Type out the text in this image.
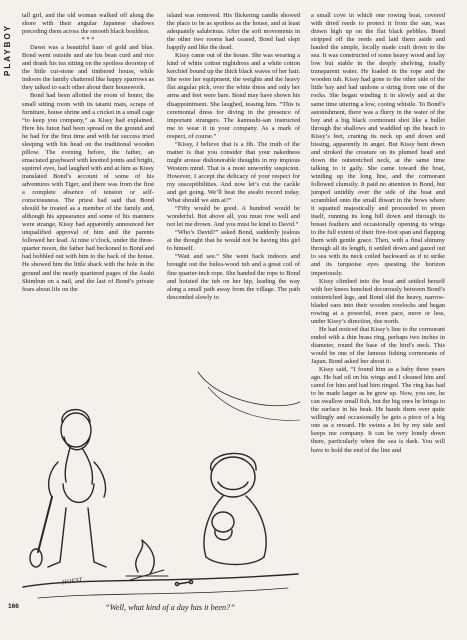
PLAYBOY

tall girl, and the old woman walked off along the shore with their angular Japanese shadows preceding them across the smooth black boulders.

* * *

Dawn was a beautiful haze of gold and blue. Bond went outside and ate his bean curd and rice and drank his tea sitting on the spotless doorstep of the little cut-stone and timbered house, while indoors the family chattered like happy sparrows as they talked to each other about their housework.

Bond had been allotted the room of honor, the small sitting room with its tatami mats, scraps of furniture, house shrine and a cricket in a small cage “to keep you company,” as Kissy had explained. Here his futon had been spread on the ground and he had for the first time and with far success tried sleeping with his head on the traditional wooden pillow. The evening before, the father, an emaciated graybeard with knotted joints and bright, squirrel eyes, had laughed with and at him as Kissy translated Bond’s account of some of his adventures with Tiger, and there was from the first a complete absence of tension or self-consciousness. The priest had said that Bond should be treated as a member of the family and, although his appearance and some of his manners were strange, Kissy had apparently announced her unqualified approval of him and the parents followed her lead. At nine o’clock, under the three-quarter moon, the father had beckoned to Bond and had hobbled out with him to the back of the house. He showed him the little shack with the hole in the ground and the neatly quartered pages of the Asahi Shimbun on a nail, and the last of Bond’s private fears about life on the

island was removed. His flickering candle showed the place to be as spotless as the house, and at least adequately salubrious. After the soft movements in the other two rooms had ceased, Bond had slept happily and like the dead.

Kissy came out of the house. She was wearing a kind of white cotton nightdress and a white cotton kerchief bound up the thick black waves of her hair. She wore her equipment, the weights and the heavy flat angular pick, over the white dress and only her arms and feet were bare. Bond may have shown his disappointment. She laughed, teasing him. “This is ceremonial dress for diving in the presence of important strangers. The kannushi-san instructed me to wear it in your company. As a mark of respect, of course.”

“Kissy, I believe that is a fib. The truth of the matter is that you consider that your nakedness might arouse dishonorable thoughts in my impious Western mind. That is a most unworthy suspicion. However, I accept the delicacy of your respect for my susceptibilities. And now let’s cut the cackle and get going. We’ll beat the awabi record today. What should we aim at?”

“Fifty would be good. A hundred would be wonderful. But above all, you must row well and not let me drown. And you must be kind to David.”

“Who’s David?” asked Bond, suddenly jealous at the thought that he would not be having this girl to himself.

“Wait and see.” She went back indoors and brought out the bulea-wood tub and a great coil of fine quarter-inch rope. She handed the rope to Bond and hoisted the tub on her hip, leading the way along a small path away from the village. The path descended slowly to

a small cove in which one rowing boat, covered with dried reeds to protect it from the sun, was drawn high up on the flat black pebbles. Bond stripped off the reeds and laid them aside and hauled the simple, locally made craft down to the sea. It was constructed of some heavy wood and lay low but stable in the deeply shelving, totally transparent water. He loaded in the rope and the wooden tub. Kissy had gone to the other side of the little bay and had undone a string from one of the rocks. She began winding it in slowly and at the same time uttering a low, cooing whistle. To Bond’s astonishment, there was a flurry in the water of the bay and a big black cormorant shot like a bullet through the shallows and waddled up the beach to Kissy’s feet, craning its neck up and down and hissing, apparently in anger. But Kissy bent down and stroked the creature on its plumed head and down the outstretched neck, at the same time talking to it gaily. She came toward the boat, winding up the long line, and the cormorant followed clumsily. It paid no attention to Bond, but jumped untidily over the side of the boat and scrambled onto the small thwart in the bows where it squatted majestically and proceeded to preen itself, running its long bill down and through its breast feathers and occasionally opening its wings to the full extent of their five-foot span and flapping them with gentle grace. Then, with a final shimmy through all its length, it settled down and gazed out to sea with its neck coiled backward as if to strike and its turquoise eyes questing the horizon imperiously.

Kissy climbed into the boat and settled herself with her knees hunched decorously between Bond’s outstretched legs, and Bond slid the heavy, narrow-bladed oars into their wooden rowlocks and began rowing at a powerful, even pace, more or less, under Kissy’s direction, due north.

He had noticed that Kissy’s line to the cormorant ended with a thin brass ring, perhaps two inches in diameter, round the base of the bird’s neck. This would be one of the famous fishing cormorants of Japan. Bond asked her about it.

Kissy said, “I found him as a baby three years ago. He had oil on his wings and I cleaned him and cared for him and had him ringed. The ring has had to be made larger as he grew up. Now, you see, he can swallow small fish, but the big ones he brings to the surface in his beak. He hands them over quite willingly and occasionally he gets a piece of a big one as a reward. He swims a lot by my side and keeps me company. It can be very lonely down there, particularly when the sea is dark. You will have to hold the end of the line and

HOEST
“Well, what kind of a day has it been?”
166
